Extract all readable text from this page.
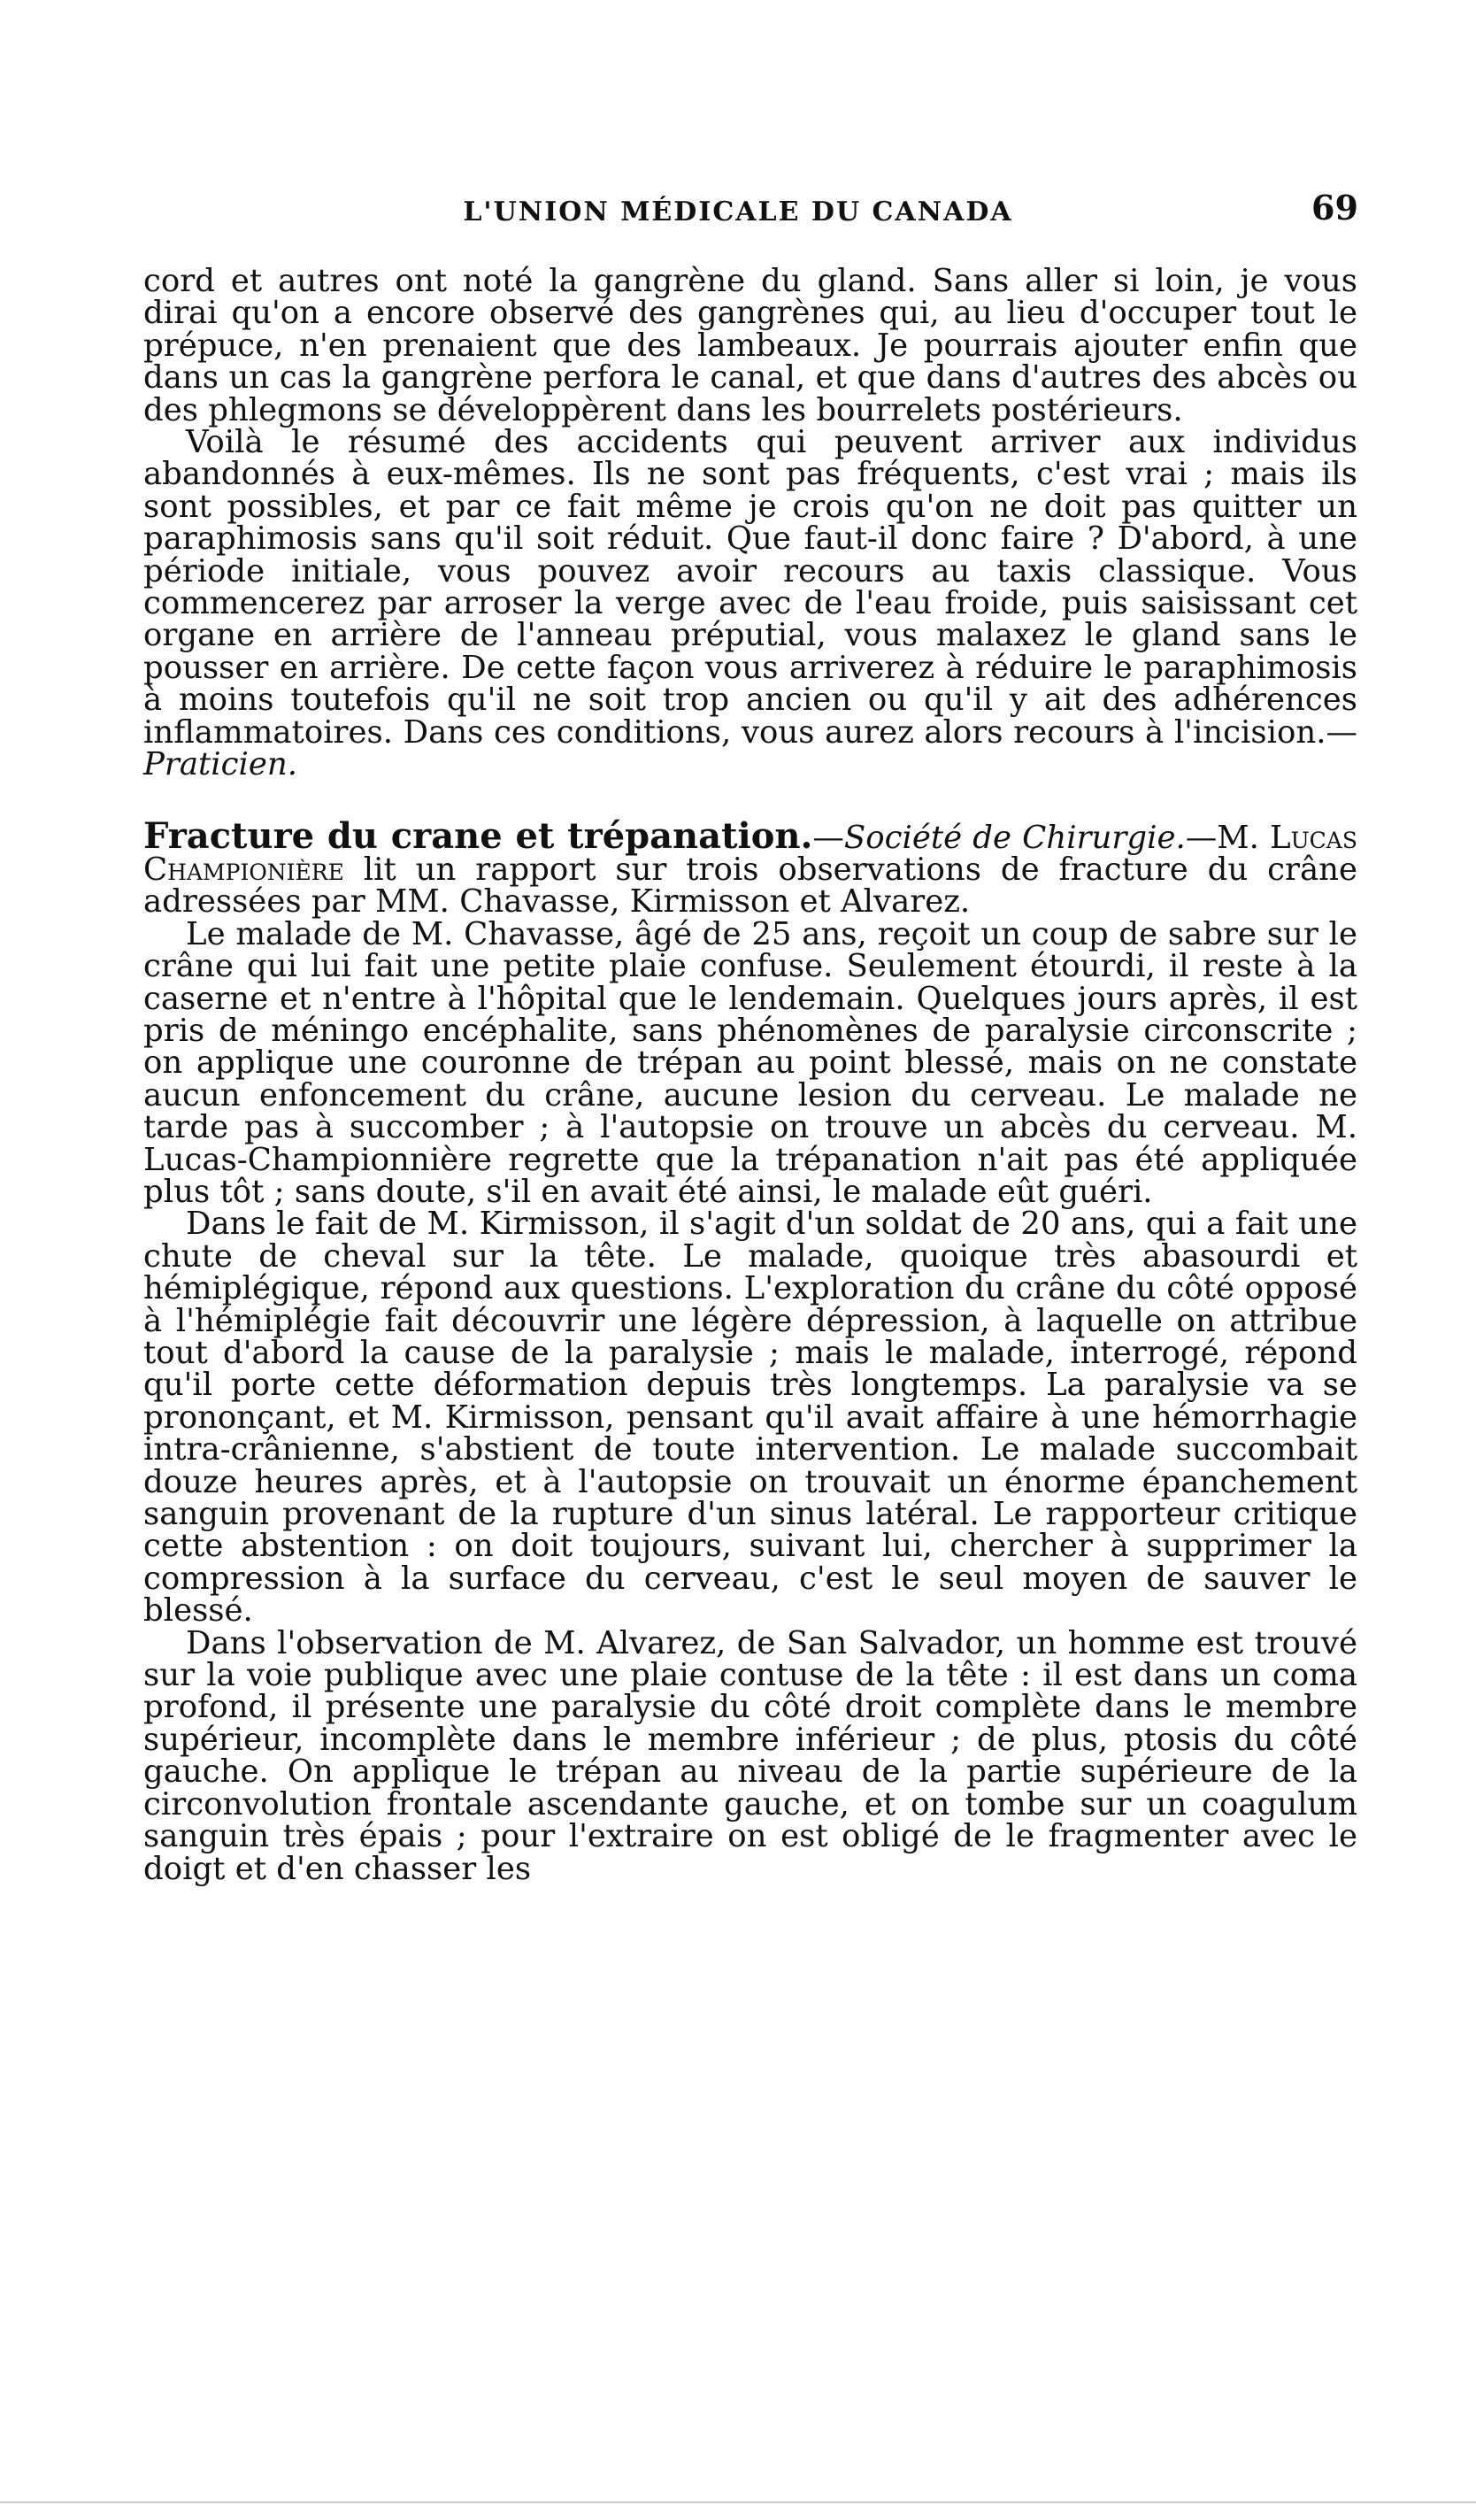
L'UNION MÉDICALE DU CANADA	69

cord et autres ont noté la gangrène du gland. Sans aller si loin, je vous dirai qu'on a encore observé des gangrènes qui, au lieu d'occuper tout le prépuce, n'en prenaient que des lambeaux. Je pourrais ajouter enfin que dans un cas la gangrène perfora le canal, et que dans d'autres des abcès ou des phlegmons se développèrent dans les bourrelets postérieurs.

Voilà le résumé des accidents qui peuvent arriver aux individus abandonnés à eux-mêmes. Ils ne sont pas fréquents, c'est vrai ; mais ils sont possibles, et par ce fait même je crois qu'on ne doit pas quitter un paraphimosis sans qu'il soit réduit. Que faut-il donc faire ? D'abord, à une période initiale, vous pouvez avoir recours au taxis classique. Vous commencerez par arroser la verge avec de l'eau froide, puis saisissant cet organe en arrière de l'anneau préputial, vous malaxez le gland sans le pousser en arrière. De cette façon vous arriverez à réduire le paraphimosis à moins toutefois qu'il ne soit trop ancien ou qu'il y ait des adhérences inflammatoires. Dans ces conditions, vous aurez alors recours à l'incision.—Praticien.

Fracture du crane et trépanation.—Société de Chirurgie.—M. Lucas Championière lit un rapport sur trois observations de fracture du crâne adressées par MM. Chavasse, Kirmisson et Alvarez.

Le malade de M. Chavasse, âgé de 25 ans, reçoit un coup de sabre sur le crâne qui lui fait une petite plaie confuse. Seulement étourdi, il reste à la caserne et n'entre à l'hôpital que le lendemain. Quelques jours après, il est pris de méningo encéphalite, sans phénomènes de paralysie circonscrite ; on applique une couronne de trépan au point blessé, mais on ne constate aucun enfoncement du crâne, aucune lesion du cerveau. Le malade ne tarde pas à succomber ; à l'autopsie on trouve un abcès du cerveau. M. Lucas-Championnière regrette que la trépanation n'ait pas été appliquée plus tôt ; sans doute, s'il en avait été ainsi, le malade eût guéri.

Dans le fait de M. Kirmisson, il s'agit d'un soldat de 20 ans, qui a fait une chute de cheval sur la tête. Le malade, quoique très abasourdi et hémiplégique, répond aux questions. L'exploration du crâne du côté opposé à l'hémiplégie fait découvrir une légère dépression, à laquelle on attribue tout d'abord la cause de la paralysie ; mais le malade, interrogé, répond qu'il porte cette déformation depuis très longtemps. La paralysie va se prononçant, et M. Kirmisson, pensant qu'il avait affaire à une hémorrhagie intra-crânienne, s'abstient de toute intervention. Le malade succombait douze heures après, et à l'autopsie on trouvait un énorme épanchement sanguin provenant de la rupture d'un sinus latéral. Le rapporteur critique cette abstention : on doit toujours, suivant lui, chercher à supprimer la compression à la surface du cerveau, c'est le seul moyen de sauver le blessé.

Dans l'observation de M. Alvarez, de San Salvador, un homme est trouvé sur la voie publique avec une plaie contuse de la tête : il est dans un coma profond, il présente une paralysie du côté droit complète dans le membre supérieur, incomplète dans le membre inférieur ; de plus, ptosis du côté gauche. On applique le trépan au niveau de la partie supérieure de la circonvolution frontale ascendante gauche, et on tombe sur un coagulum sanguin très épais ; pour l'extraire on est obligé de le fragmenter avec le doigt et d'en chasser les
